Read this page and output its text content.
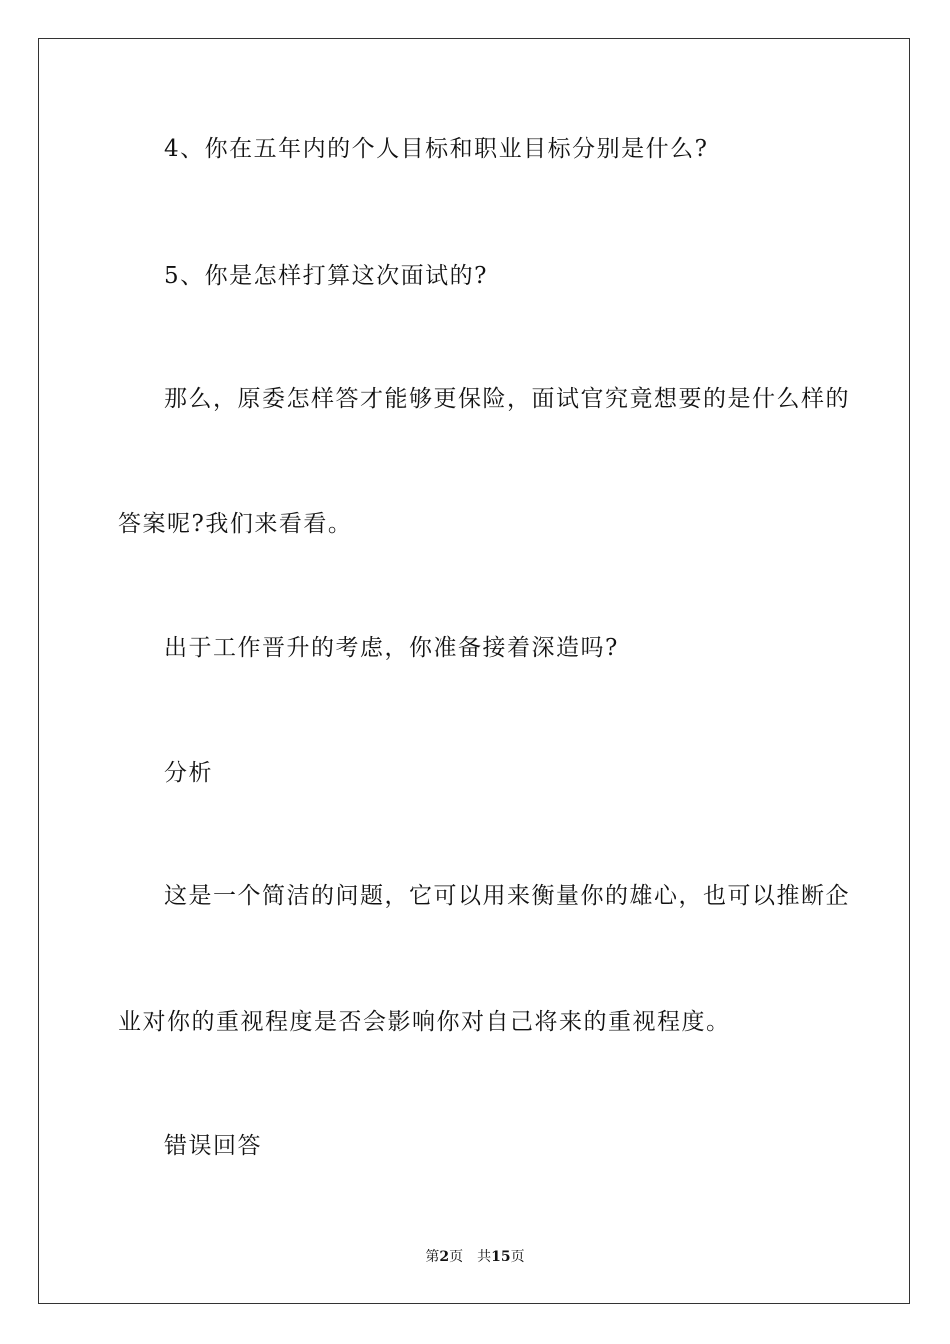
4、你在五年内的个人目标和职业目标分别是什么?
5、你是怎样打算这次面试的?
那么，原委怎样答才能够更保险，面试官究竟想要的是什么样的
答案呢?我们来看看。
出于工作晋升的考虑，你准备接着深造吗?
分析
这是一个简洁的问题，它可以用来衡量你的雄心，也可以推断企
业对你的重视程度是否会影响你对自己将来的重视程度。
错误回答
第2页 共15页
